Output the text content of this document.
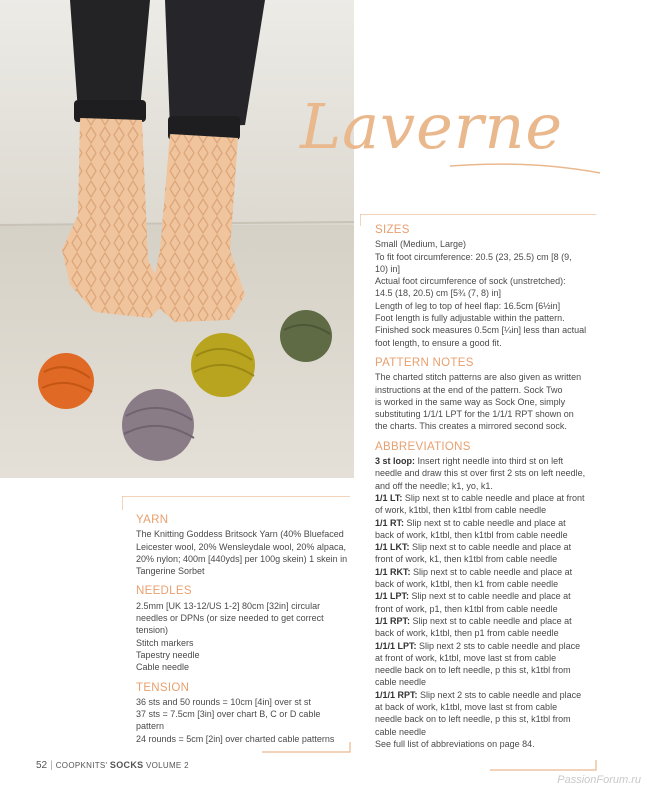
Laverne
SIZES
Small (Medium, Large)
To fit foot circumference: 20.5 (23, 25.5) cm [8 (9,
10) in]
Actual foot circumference of sock (unstretched):
14.5 (18, 20.5) cm [5¾ (7, 8) in]
Length of leg to top of heel flap: 16.5cm [6½in]
Foot length is fully adjustable within the pattern.
Finished sock measures 0.5cm [¼in] less than actual
foot length, to ensure a good fit.
PATTERN NOTES
The charted stitch patterns are also given as written
instructions at the end of the pattern. Sock Two
is worked in the same way as Sock One, simply
substituting 1/1/1 LPT for the 1/1/1 RPT shown on
the charts. This creates a mirrored second sock.
ABBREVIATIONS
3 st loop: Insert right needle into third st on left
needle and draw this st over first 2 sts on left needle,
and off the needle; k1, yo, k1.
1/1 LT: Slip next st to cable needle and place at front
of work, k1tbl, then k1tbl from cable needle
1/1 RT: Slip next st to cable needle and place at
back of work, k1tbl, then k1tbl from cable needle
1/1 LKT: Slip next st to cable needle and place at
front of work, k1, then k1tbl from cable needle
1/1 RKT: Slip next st to cable needle and place at
back of work, k1tbl, then k1 from cable needle
1/1 LPT: Slip next st to cable needle and place at
front of work, p1, then k1tbl from cable needle
1/1 RPT: Slip next st to cable needle and place at
back of work, k1tbl, then p1 from cable needle
1/1/1 LPT: Slip next 2 sts to cable needle and place
at front of work, k1tbl, move last st from cable
needle back on to left needle, p this st, k1tbl from
cable needle
1/1/1 RPT: Slip next 2 sts to cable needle and place
at back of work, k1tbl, move last st from cable
needle back on to left needle, p this st, k1tbl from
cable needle
See full list of abbreviations on page 84.
YARN
The Knitting Goddess Britsock Yarn (40% Bluefaced
Leicester wool, 20% Wensleydale wool, 20% alpaca,
20% nylon; 400m [440yds] per 100g skein) 1 skein in
Tangerine Sorbet
NEEDLES
2.5mm [UK 13-12/US 1-2] 80cm [32in] circular
needles or DPNs (or size needed to get correct
tension)
Stitch markers
Tapestry needle
Cable needle
TENSION
36 sts and 50 rounds = 10cm [4in] over st st
37 sts = 7.5cm [3in] over chart B, C or D cable
pattern
24 rounds = 5cm [2in] over charted cable patterns
52 | COOPKNITS' SOCKS VOLUME 2
PassionForum.ru
